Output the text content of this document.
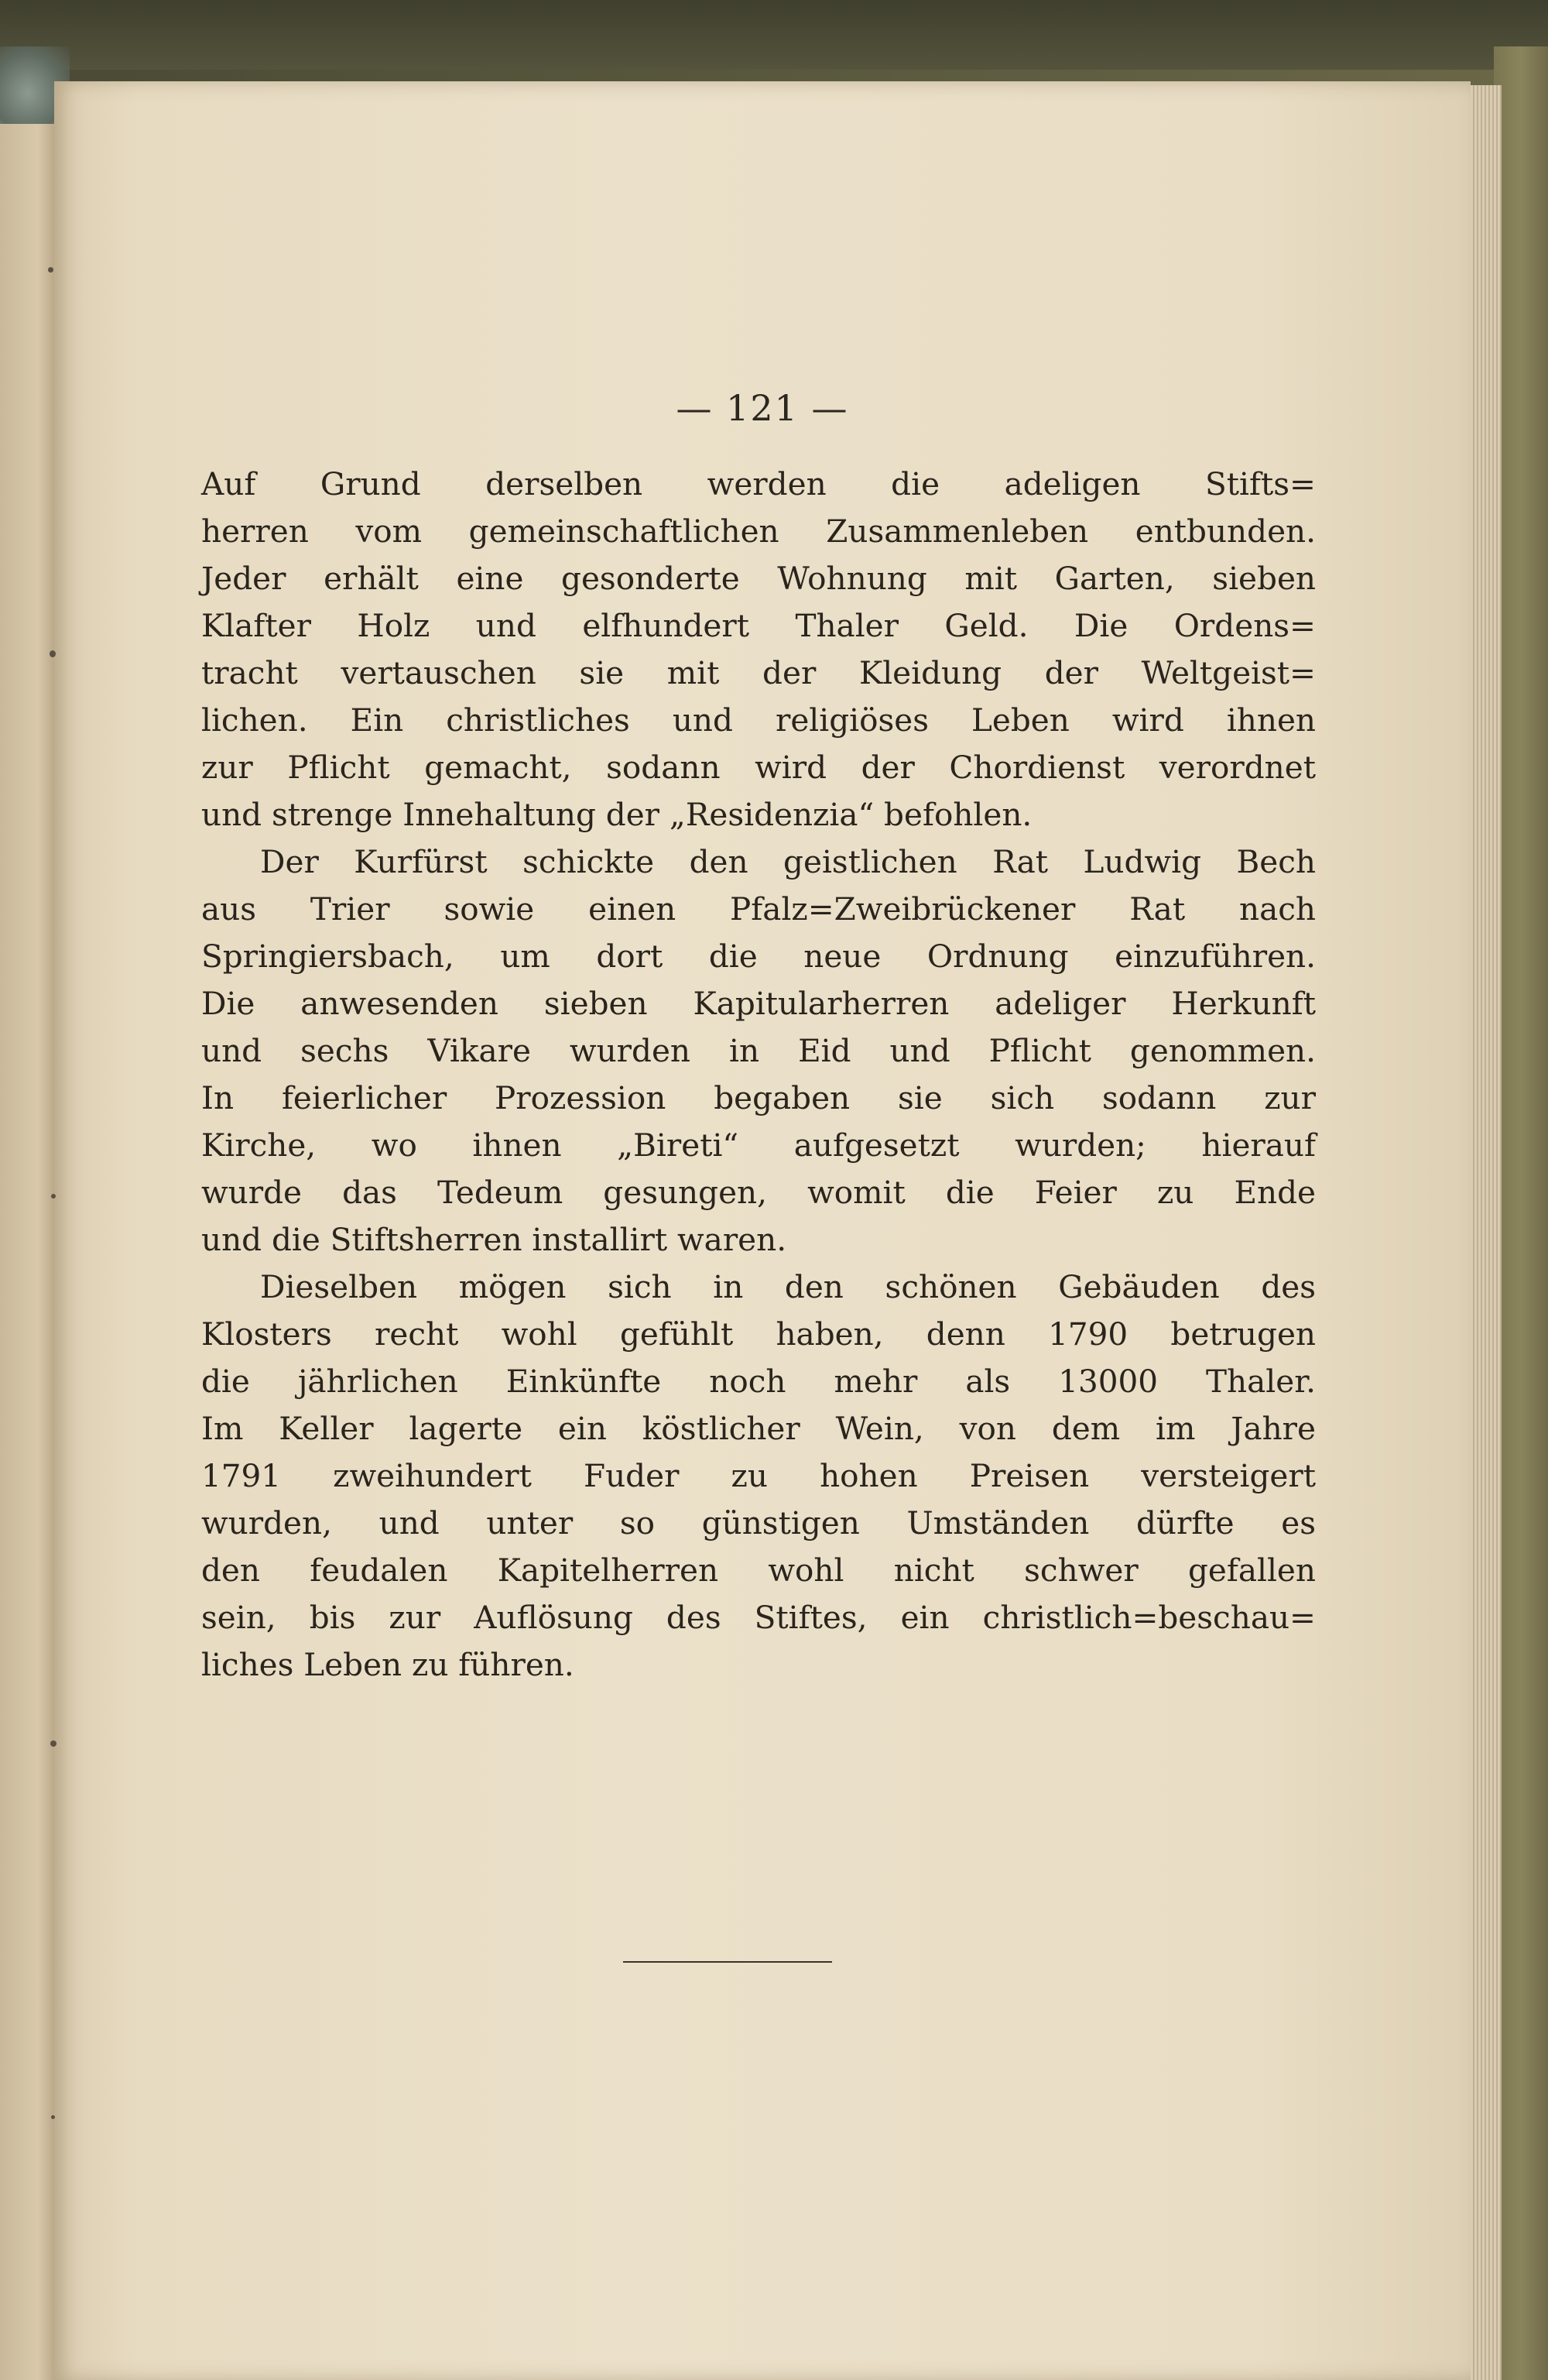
— 121 —
Auf Grund derselben werden die adeligen Stifts=
herren vom gemeinschaftlichen Zusammenleben entbunden.
Jeder erhält eine gesonderte Wohnung mit Garten, sieben
Klafter Holz und elfhundert Thaler Geld. Die Ordens=
tracht vertauschen sie mit der Kleidung der Weltgeist=
lichen. Ein christliches und religiöses Leben wird ihnen
zur Pflicht gemacht, sodann wird der Chordienst verordnet
und strenge Innehaltung der „Residenzia“ befohlen.
Der Kurfürst schickte den geistlichen Rat Ludwig Bech
aus Trier sowie einen Pfalz=Zweibrückener Rat nach
Springiersbach, um dort die neue Ordnung einzuführen.
Die anwesenden sieben Kapitularherren adeliger Herkunft
und sechs Vikare wurden in Eid und Pflicht genommen.
In feierlicher Prozession begaben sie sich sodann zur
Kirche, wo ihnen „Bireti“ aufgesetzt wurden; hierauf
wurde das Tedeum gesungen, womit die Feier zu Ende
und die Stiftsherren installirt waren.
Dieselben mögen sich in den schönen Gebäuden des
Klosters recht wohl gefühlt haben, denn 1790 betrugen
die jährlichen Einkünfte noch mehr als 13000 Thaler.
Im Keller lagerte ein köstlicher Wein, von dem im Jahre
1791 zweihundert Fuder zu hohen Preisen versteigert
wurden, und unter so günstigen Umständen dürfte es
den feudalen Kapitelherren wohl nicht schwer gefallen
sein, bis zur Auflösung des Stiftes, ein christlich=beschau=
liches Leben zu führen.
